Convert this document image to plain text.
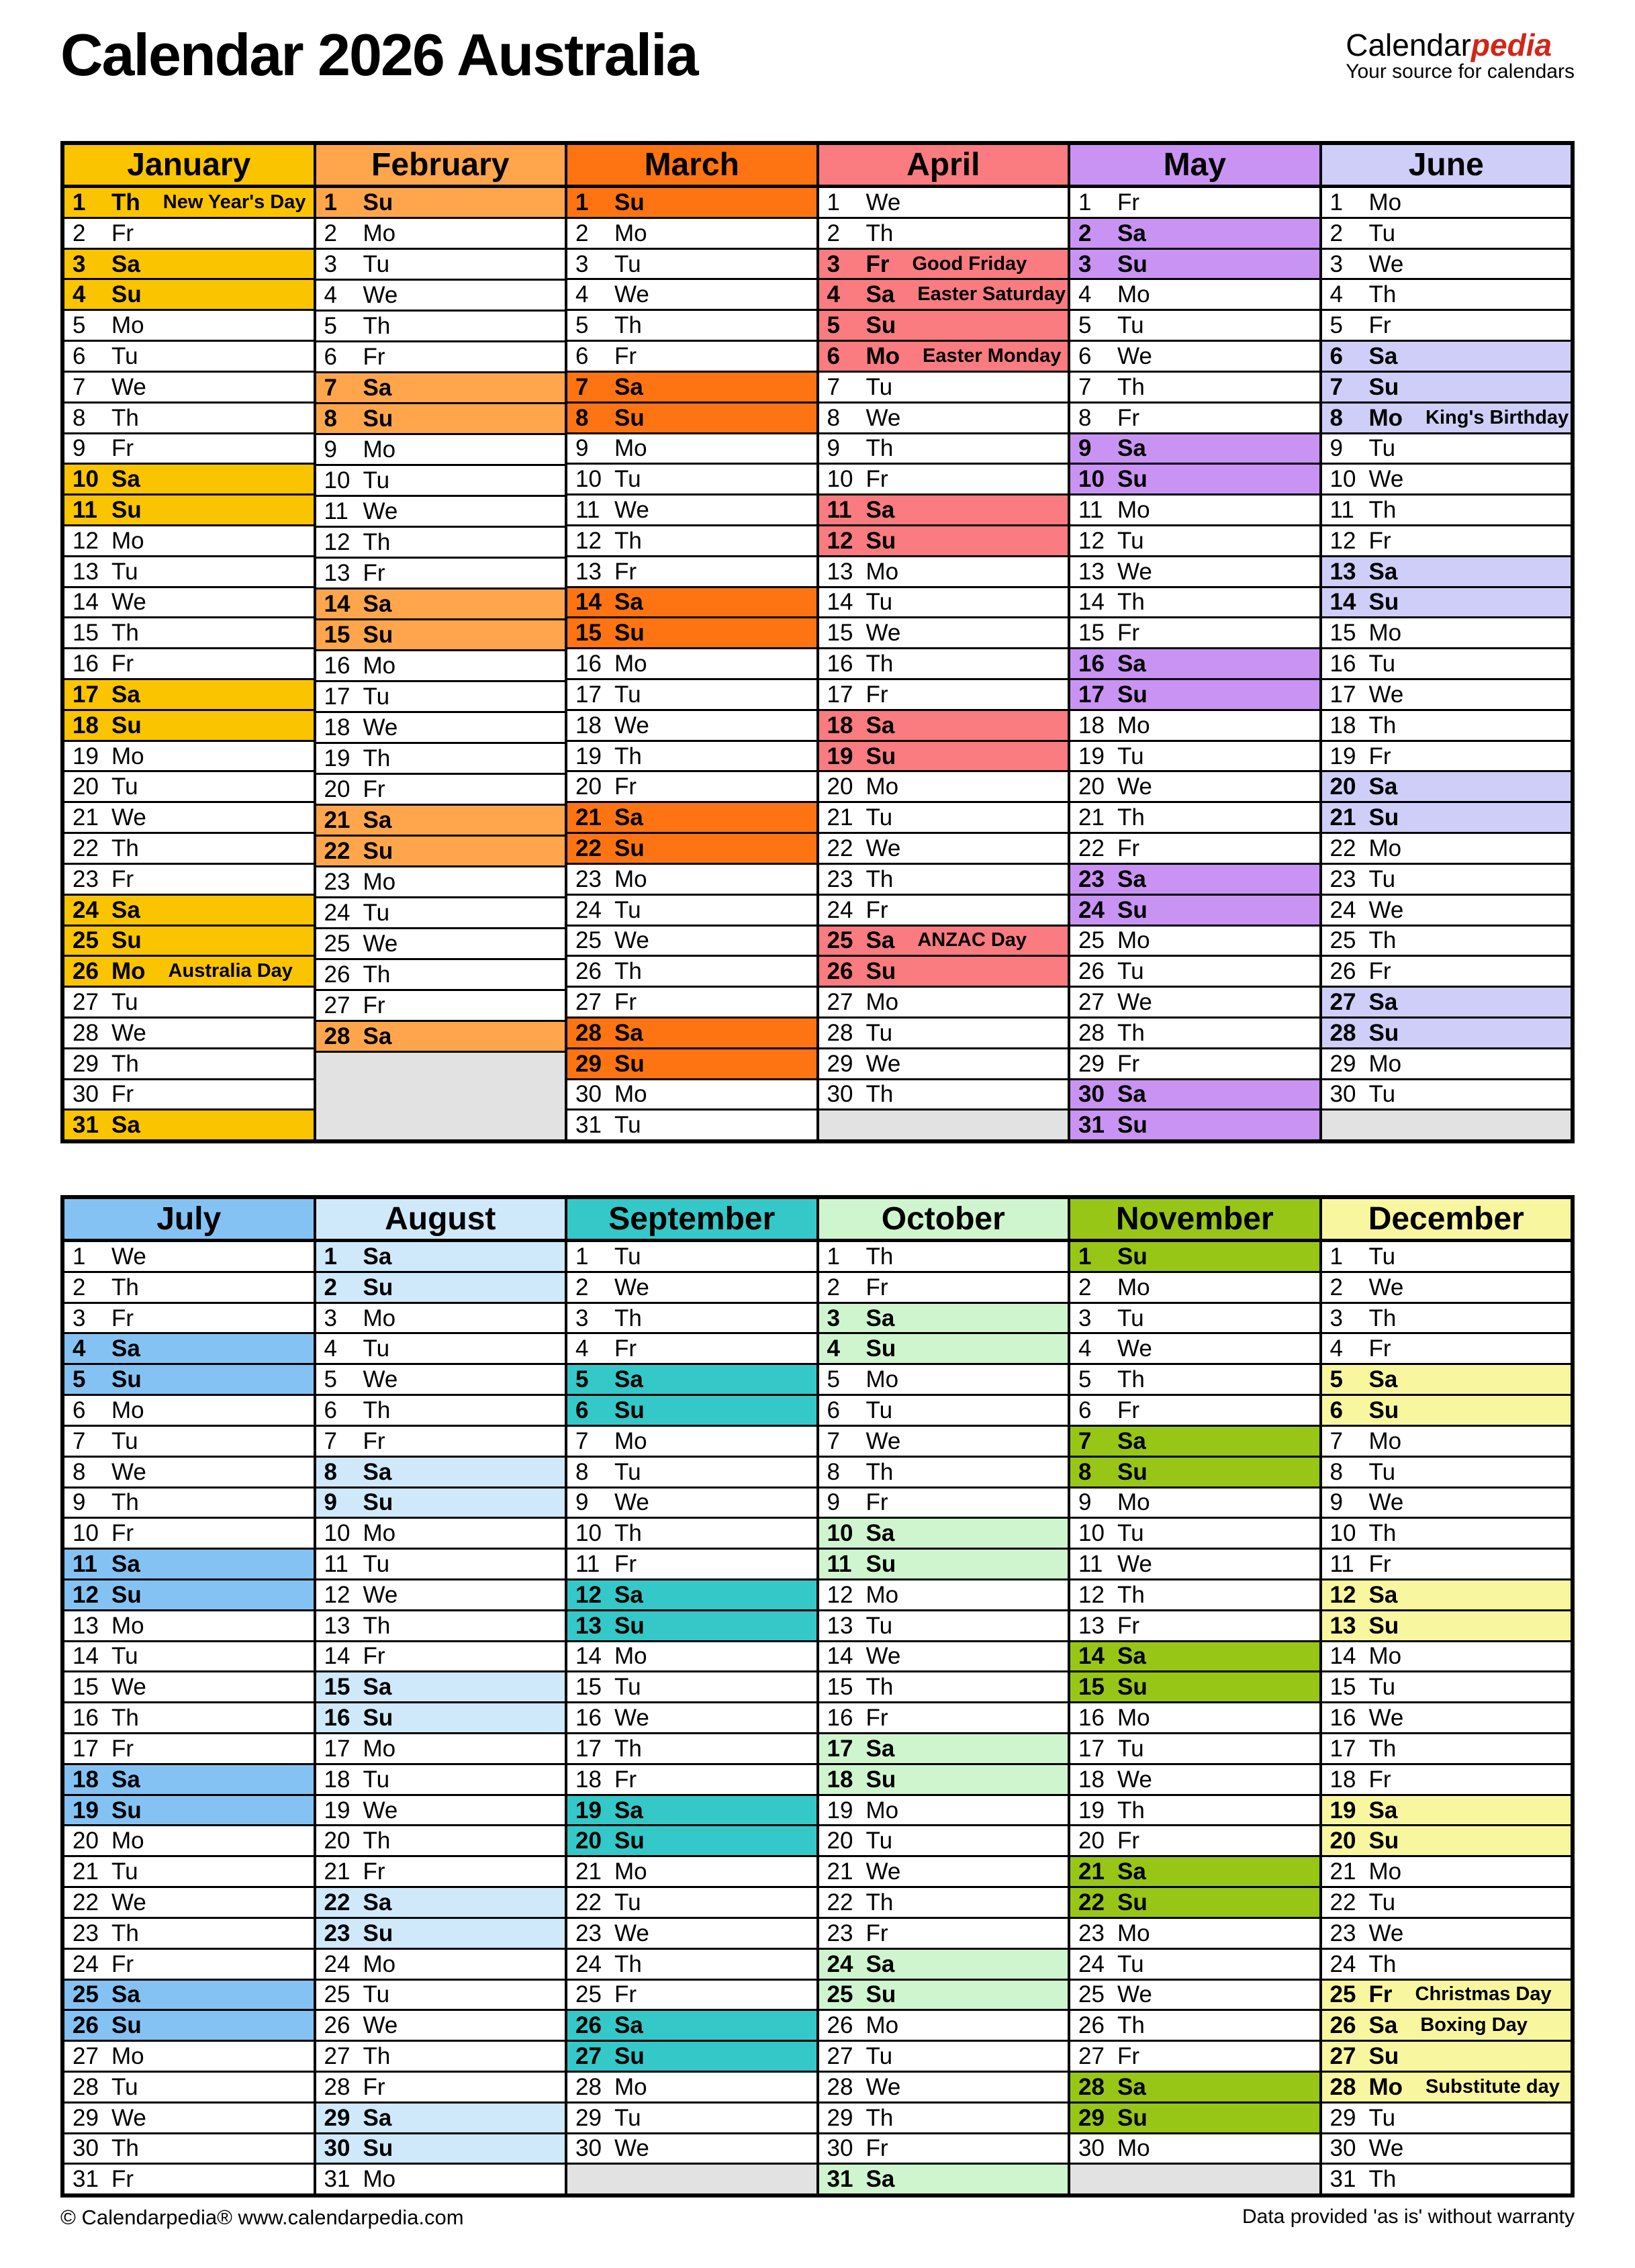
Calendar 2026 Australia	Calendarpedia
Your source for calendars
January
1	Th New Year's Day
2	Fr
3	Sa
4	Su
5	Mo
6	Tu
7	We
8	Th
9	Fr
10 Sa
11 Su
12 Mo
13 Tu
14 We
15 Th
16 Fr
17 Sa
18 Su
19 Mo
20 Tu
21 We
22 Th
23 Fr
24 Sa
25 Su
26 Mo Australia Day
27 Tu
28 We
29 Th
30 Fr
31 Sa
February
1	Su
2	Mo
3	Tu
4	We
5	Th
6	Fr
7	Sa
8	Su
9	Mo
10 Tu
11 We
12 Th
13 Fr
14 Sa
15 Su
16 Mo
17 Tu
18 We
19 Th
20 Fr
21 Sa
22 Su
23 Mo
24 Tu
25 We
26 Th
27 Fr
28 Sa
March
1	Su
2	Mo
3	Tu
4	We
5	Th
6	Fr
7	Sa
8	Su
9	Mo
10 Tu
11 We
12 Th
13 Fr
14 Sa
15 Su
16 Mo
17 Tu
18 We
19 Th
20 Fr
21 Sa
22 Su
23 Mo
24 Tu
25 We
26 Th
27 Fr
28 Sa
29 Su
30 Mo
31 Tu
April
1	We
2	Th
3	Fr Good Friday
4	Sa Easter Saturday
5	Su
6	Mo Easter Monday
7	Tu
8	We
9	Th
10 Fr
11 Sa
12 Su
13 Mo
14 Tu
15 We
16 Th
17 Fr
18 Sa
19 Su
20 Mo
21 Tu
22 We
23 Th
24 Fr
25 Sa ANZAC Day
26 Su
27 Mo
28 Tu
29 We
30 Th
May
1	Fr
2	Sa
3	Su
4	Mo
5	Tu
6	We
7	Th
8	Fr
9	Sa
10 Su
11 Mo
12 Tu
13 We
14 Th
15 Fr
16 Sa
17 Su
18 Mo
19 Tu
20 We
21 Th
22 Fr
23 Sa
24 Su
25 Mo
26 Tu
27 We
28 Th
29 Fr
30 Sa
31 Su
June
1	Mo
2	Tu
3	We
4	Th
5	Fr
6	Sa
7	Su
8	Mo King's Birthday
9	Tu
10 We
11 Th
12 Fr
13 Sa
14 Su
15 Mo
16 Tu
17 We
18 Th
19 Fr
20 Sa
21 Su
22 Mo
23 Tu
24 We
25 Th
26 Fr
27 Sa
28 Su
29 Mo
30 Tu
July
1	We
2	Th
3	Fr
4	Sa
5	Su
6	Mo
7	Tu
8	We
9	Th
10 Fr
11 Sa
12 Su
13 Mo
14 Tu
15 We
16 Th
17 Fr
18 Sa
19 Su
20 Mo
21 Tu
22 We
23 Th
24 Fr
25 Sa
26 Su
27 Mo
28 Tu
29 We
30 Th
31 Fr
August
1	Sa
2	Su
3	Mo
4	Tu
5	We
6	Th
7	Fr
8	Sa
9	Su
10 Mo
11 Tu
12 We
13 Th
14 Fr
15 Sa
16 Su
17 Mo
18 Tu
19 We
20 Th
21 Fr
22 Sa
23 Su
24 Mo
25 Tu
26 We
27 Th
28 Fr
29 Sa
30 Su
31 Mo
September
1	Tu
2	We
3	Th
4	Fr
5	Sa
6	Su
7	Mo
8	Tu
9	We
10 Th
11 Fr
12 Sa
13 Su
14 Mo
15 Tu
16 We
17 Th
18 Fr
19 Sa
20 Su
21 Mo
22 Tu
23 We
24 Th
25 Fr
26 Sa
27 Su
28 Mo
29 Tu
30 We
October
1	Th
2	Fr
3	Sa
4	Su
5	Mo
6	Tu
7	We
8	Th
9	Fr
10 Sa
11 Su
12 Mo
13 Tu
14 We
15 Th
16 Fr
17 Sa
18 Su
19 Mo
20 Tu
21 We
22 Th
23 Fr
24 Sa
25 Su
26 Mo
27 Tu
28 We
29 Th
30 Fr
31 Sa
November
1	Su
2	Mo
3	Tu
4	We
5	Th
6	Fr
7	Sa
8	Su
9	Mo
10 Tu
11 We
12 Th
13 Fr
14 Sa
15 Su
16 Mo
17 Tu
18 We
19 Th
20 Fr
21 Sa
22 Su
23 Mo
24 Tu
25 We
26 Th
27 Fr
28 Sa
29 Su
30 Mo
December
1	Tu
2	We
3	Th
4	Fr
5	Sa
6	Su
7	Mo
8	Tu
9	We
10 Th
11 Fr
12 Sa
13 Su
14 Mo
15 Tu
16 We
17 Th
18 Fr
19 Sa
20 Su
21 Mo
22 Tu
23 We
24 Th
25 Fr Christmas Day
26 Sa Boxing Day
27 Su
28 Mo Substitute day
29 Tu
30 We
31 Th
© Calendarpedia® www.calendarpedia.com	Data provided 'as is' without warranty
